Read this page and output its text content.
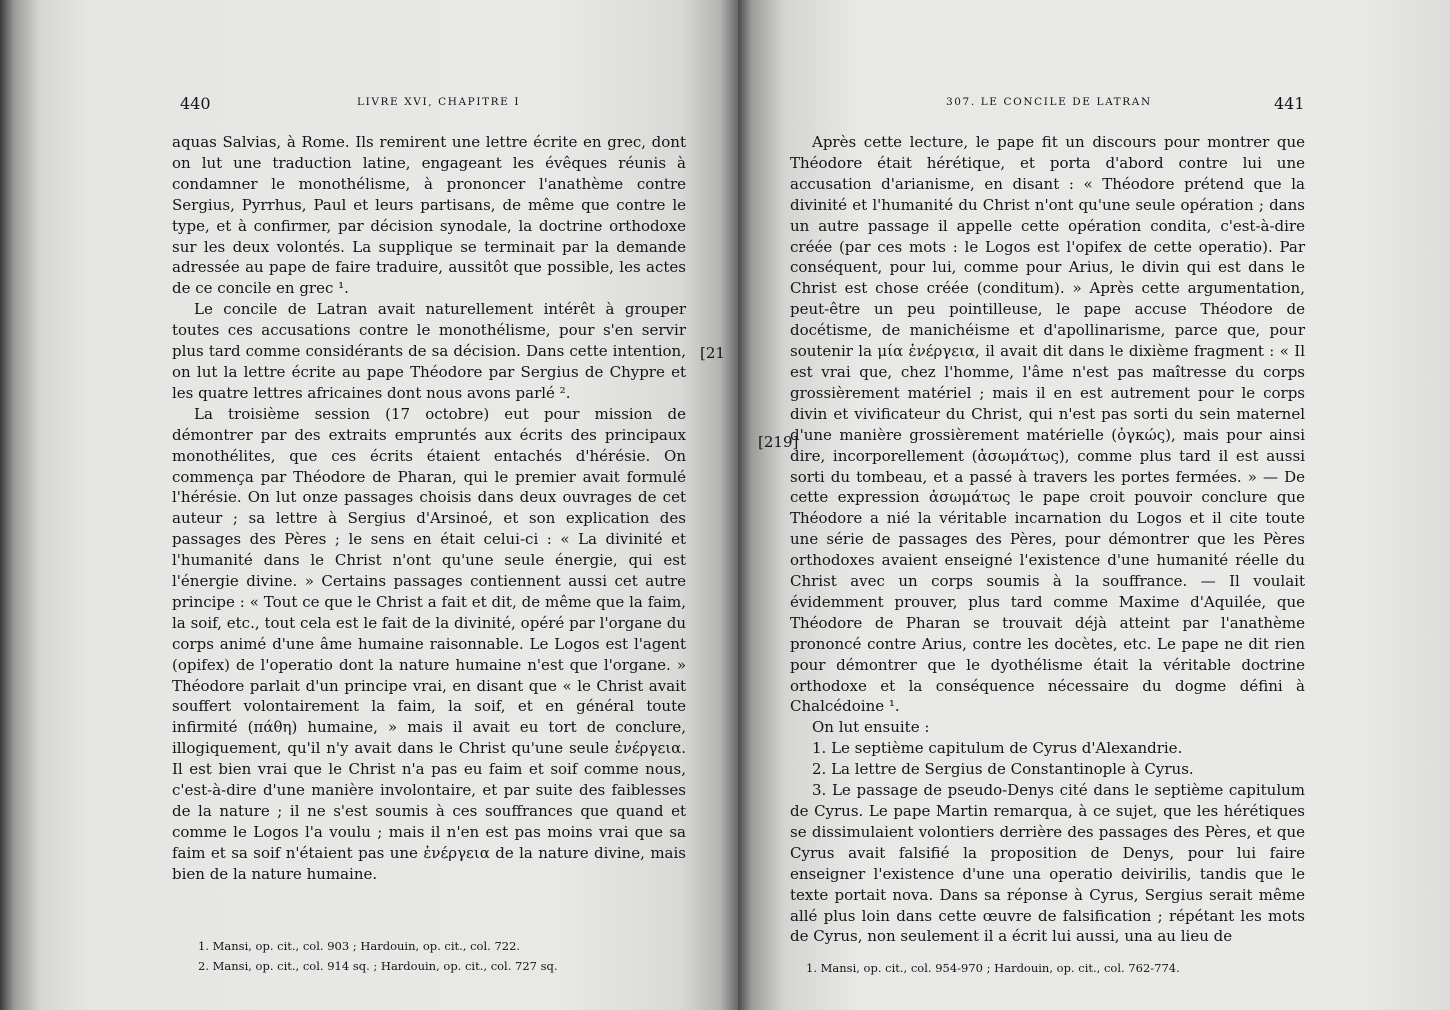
440	LIVRE XVI, CHAPITRE I

aquas Salvias, à Rome. Ils remirent une lettre écrite en grec, dont on lut une traduction latine, engageant les évêques réunis à condamner le monothélisme, à prononcer l'anathème contre Sergius, Pyrrhus, Paul et leurs partisans, de même que contre le type, et à confirmer, par décision synodale, la doctrine orthodoxe sur les deux volontés. La supplique se terminait par la demande adressée au pape de faire traduire, aussitôt que possible, les actes de ce concile en grec ¹.

Le concile de Latran avait naturellement intérêt à grouper toutes ces accusations contre le monothélisme, pour s'en servir plus tard comme considérants de sa décision. Dans cette intention, on lut la lettre écrite au pape Théodore par Sergius de Chypre et les quatre lettres africaines dont nous avons parlé ².

La troisième session (17 octobre) eut pour mission de démontrer par des extraits empruntés aux écrits des principaux monothélites, que ces écrits étaient entachés d'hérésie. On commença par Théodore de Pharan, qui le premier avait formulé l'hérésie. On lut onze passages choisis dans deux ouvrages de cet auteur ; sa lettre à Sergius d'Arsinoé, et son explication des passages des Pères ; le sens en était celui-ci : « La divinité et l'humanité dans le Christ n'ont qu'une seule énergie, qui est l'énergie divine. » Certains passages contiennent aussi cet autre principe : « Tout ce que le Christ a fait et dit, de même que la faim, la soif, etc., tout cela est le fait de la divinité, opéré par l'organe du corps animé d'une âme humaine raisonnable. Le Logos est l'agent (opifex) de l'operatio dont la nature humaine n'est que l'organe. » Théodore parlait d'un principe vrai, en disant que « le Christ avait souffert volontairement la faim, la soif, et en général toute infirmité (πάθη) humaine, » mais il avait eu tort de conclure, illogiquement, qu'il n'y avait dans le Christ qu'une seule ἐνέργεια. Il est bien vrai que le Christ n'a pas eu faim et soif comme nous, c'est-à-dire d'une manière involontaire, et par suite des faiblesses de la nature ; il ne s'est soumis à ces souffrances que quand et comme le Logos l'a voulu ; mais il n'en est pas moins vrai que sa faim et sa soif n'étaient pas une ἐνέργεια de la nature divine, mais bien de la nature humaine.

1. Mansi, op. cit., col. 903 ; Hardouin, op. cit., col. 722.
2. Mansi, op. cit., col. 914 sq. ; Hardouin, op. cit., col. 727 sq.
[21
307. LE CONCILE DE LATRAN	441
[219]

Après cette lecture, le pape fit un discours pour montrer que Théodore était hérétique, et porta d'abord contre lui une accusation d'arianisme, en disant : « Théodore prétend que la divinité et l'humanité du Christ n'ont qu'une seule opération ; dans un autre passage il appelle cette opération condita, c'est-à-dire créée (par ces mots : le Logos est l'opifex de cette operatio). Par conséquent, pour lui, comme pour Arius, le divin qui est dans le Christ est chose créée (conditum). » Après cette argumentation, peut-être un peu pointilleuse, le pape accuse Théodore de docétisme, de manichéisme et d'apollinarisme, parce que, pour soutenir la μία ἐνέργεια, il avait dit dans le dixième fragment : « Il est vrai que, chez l'homme, l'âme n'est pas maîtresse du corps grossièrement matériel ; mais il en est autrement pour le corps divin et vivificateur du Christ, qui n'est pas sorti du sein maternel d'une manière grossièrement matérielle (ὀγκώς), mais pour ainsi dire, incorporellement (ἀσωμάτως), comme plus tard il est aussi sorti du tombeau, et a passé à travers les portes fermées. » — De cette expression ἀσωμάτως le pape croit pouvoir conclure que Théodore a nié la véritable incarnation du Logos et il cite toute une série de passages des Pères, pour démontrer que les Pères orthodoxes avaient enseigné l'existence d'une humanité réelle du Christ avec un corps soumis à la souffrance. — Il voulait évidemment prouver, plus tard comme Maxime d'Aquilée, que Théodore de Pharan se trouvait déjà atteint par l'anathème prononcé contre Arius, contre les docètes, etc. Le pape ne dit rien pour démontrer que le dyothélisme était la véritable doctrine orthodoxe et la conséquence nécessaire du dogme défini à Chalcédoine ¹.

On lut ensuite :

1. Le septième capitulum de Cyrus d'Alexandrie.

2. La lettre de Sergius de Constantinople à Cyrus.

3. Le passage de pseudo-Denys cité dans le septième capitulum de Cyrus. Le pape Martin remarqua, à ce sujet, que les hérétiques se dissimulaient volontiers derrière des passages des Pères, et que Cyrus avait falsifié la proposition de Denys, pour lui faire enseigner l'existence d'une una operatio deivirilis, tandis que le texte portait nova. Dans sa réponse à Cyrus, Sergius serait même allé plus loin dans cette œuvre de falsification ; répétant les mots de Cyrus, non seulement il a écrit lui aussi, una au lieu de

1. Mansi, op. cit., col. 954-970 ; Hardouin, op. cit., col. 762-774.
